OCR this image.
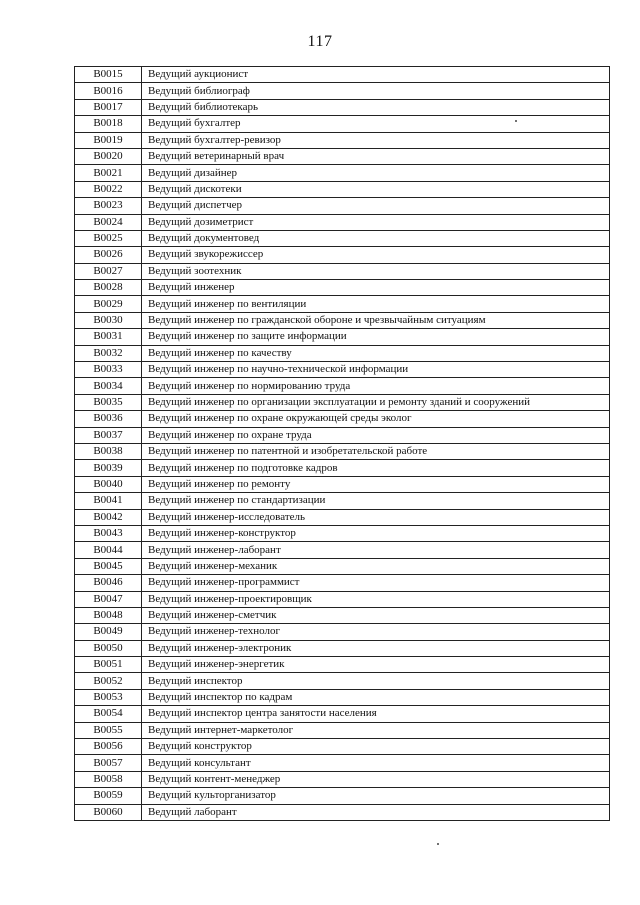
117
B0015	Ведущий аукционист
B0016	Ведущий библиограф
B0017	Ведущий библиотекарь
B0018	Ведущий бухгалтер
B0019	Ведущий бухгалтер-ревизор
B0020	Ведущий ветеринарный врач
B0021	Ведущий дизайнер
B0022	Ведущий дискотеки
B0023	Ведущий диспетчер
B0024	Ведущий дозиметрист
B0025	Ведущий документовед
B0026	Ведущий звукорежиссер
B0027	Ведущий зоотехник
B0028	Ведущий инженер
B0029	Ведущий инженер по вентиляции
B0030	Ведущий инженер по гражданской обороне и чрезвычайным ситуациям
B0031	Ведущий инженер по защите информации
B0032	Ведущий инженер по качеству
B0033	Ведущий инженер по научно-технической информации
B0034	Ведущий инженер по нормированию труда
B0035	Ведущий инженер по организации эксплуатации и ремонту зданий и сооружений
B0036	Ведущий инженер по охране окружающей среды эколог
B0037	Ведущий инженер по охране труда
B0038	Ведущий инженер по патентной и изобретательской работе
B0039	Ведущий инженер по подготовке кадров
B0040	Ведущий инженер по ремонту
B0041	Ведущий инженер по стандартизации
B0042	Ведущий инженер-исследователь
B0043	Ведущий инженер-конструктор
B0044	Ведущий инженер-лаборант
B0045	Ведущий инженер-механик
B0046	Ведущий инженер-программист
B0047	Ведущий инженер-проектировщик
B0048	Ведущий инженер-сметчик
B0049	Ведущий инженер-технолог
B0050	Ведущий инженер-электроник
B0051	Ведущий инженер-энергетик
B0052	Ведущий инспектор
B0053	Ведущий инспектор по кадрам
B0054	Ведущий инспектор центра занятости населения
B0055	Ведущий интернет-маркетолог
B0056	Ведущий конструктор
B0057	Ведущий консультант
B0058	Ведущий контент-менеджер
B0059	Ведущий культорганизатор
B0060	Ведущий лаборант
